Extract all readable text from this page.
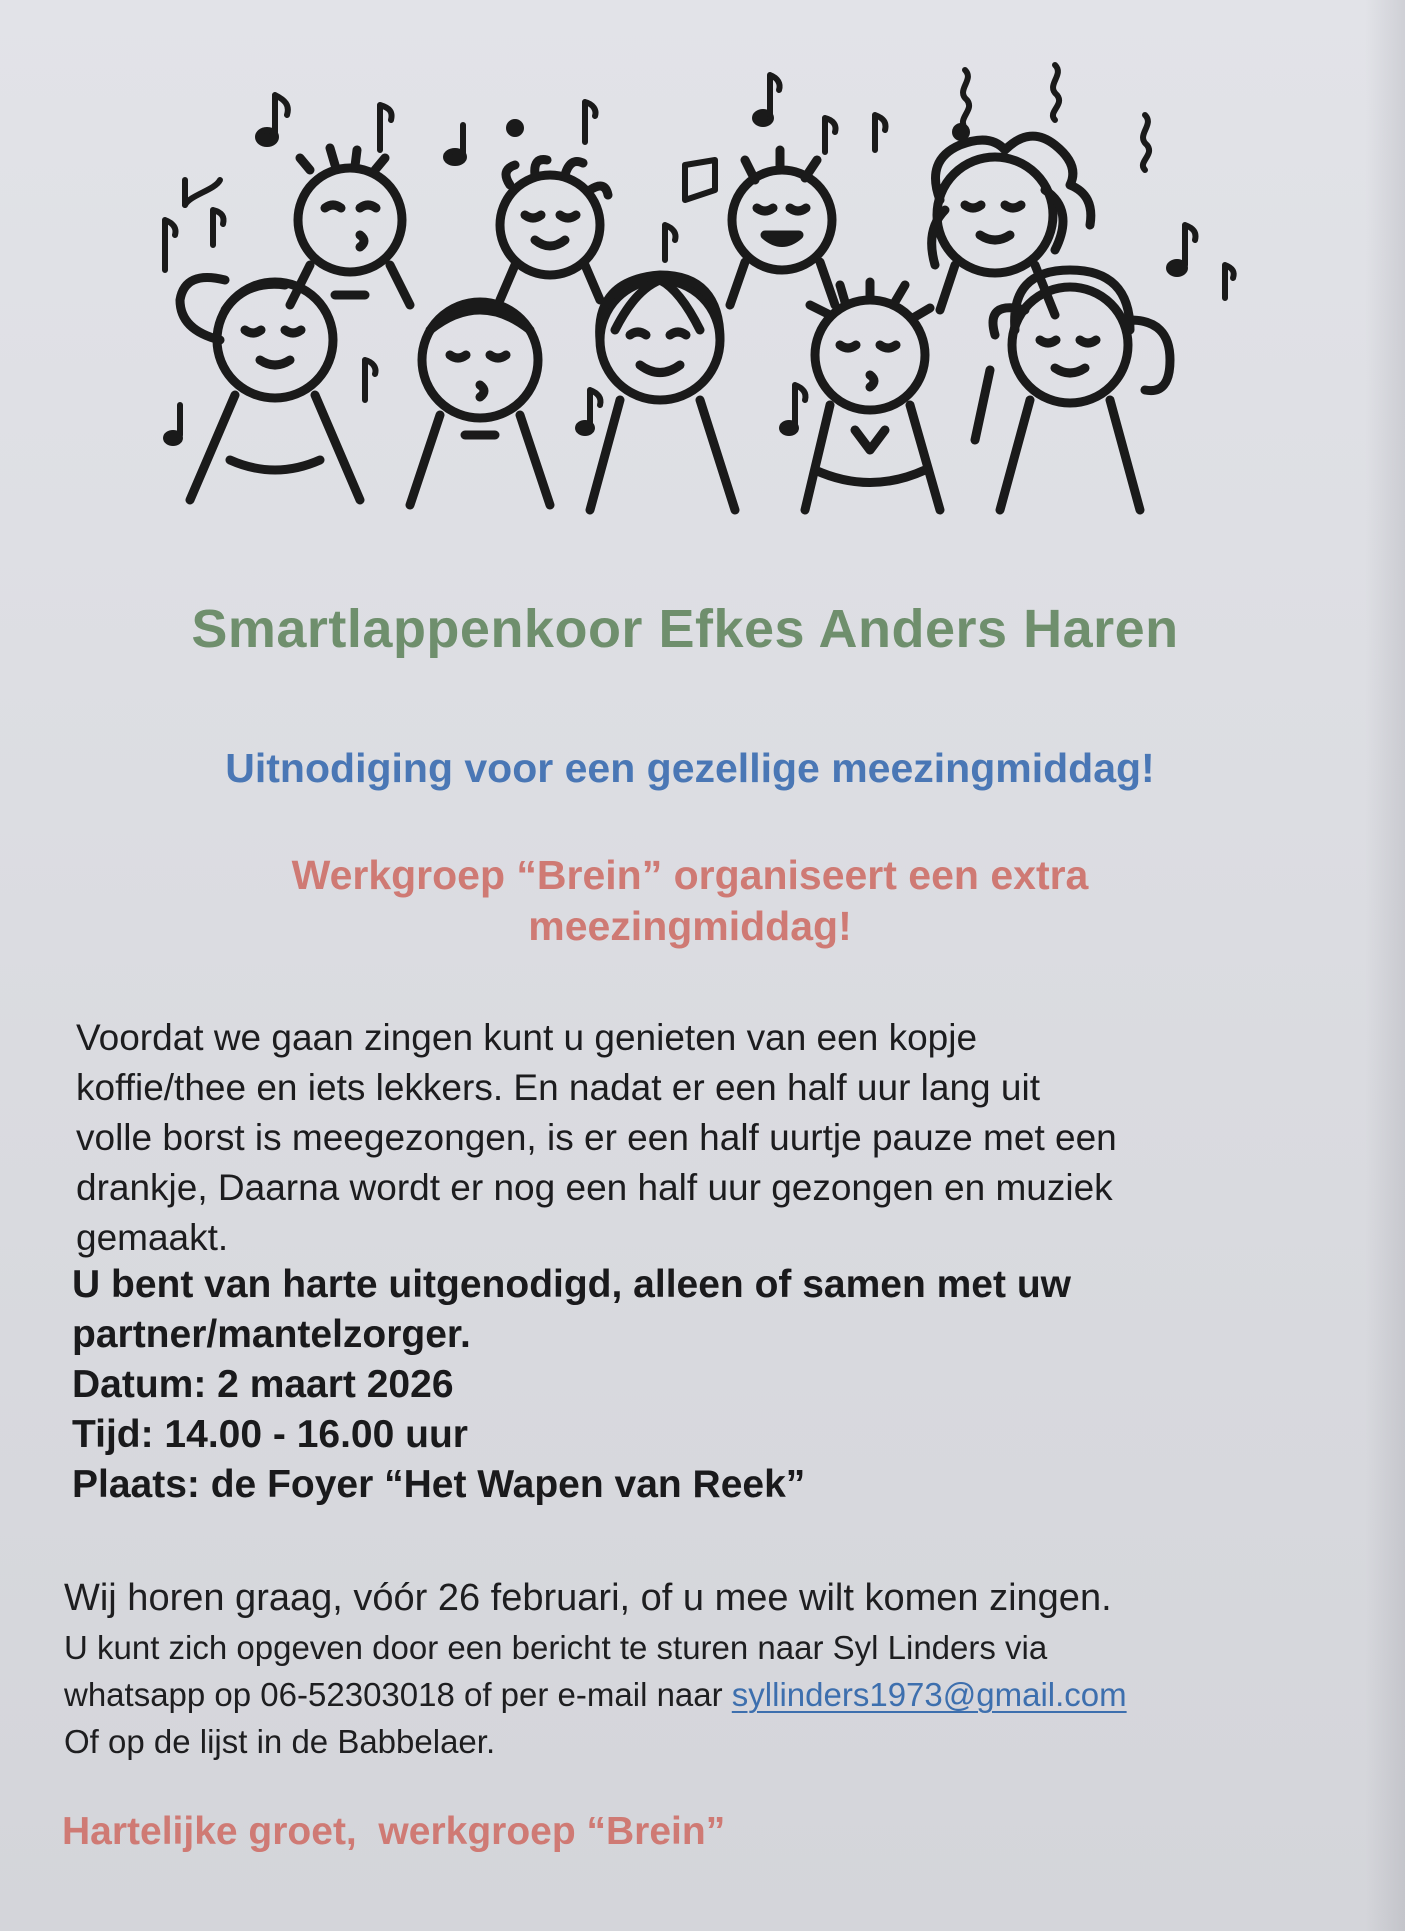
Smartlappenkoor Efkes Anders Haren
Uitnodiging voor een gezellige meezingmiddag!
Werkgroep “Brein” organiseert een extra
meezingmiddag!
Voordat we gaan zingen kunt u genieten van een kopje
koffie/thee en iets lekkers. En nadat er een half uur lang uit
volle borst is meegezongen, is er een half uurtje pauze met een
drankje, Daarna wordt er nog een half uur gezongen en muziek
gemaakt.
U bent van harte uitgenodigd, alleen of samen met uw
partner/mantelzorger.
Datum: 2 maart 2026
Tijd: 14.00 - 16.00 uur
Plaats: de Foyer “Het Wapen van Reek”
Wij horen graag, vóór 26 februari, of u mee wilt komen zingen.
U kunt zich opgeven door een bericht te sturen naar Syl Linders via
whatsapp op 06-52303018 of per e-mail naar syllinders1973@gmail.com
Of op de lijst in de Babbelaer.
Hartelijke groet,  werkgroep “Brein”
